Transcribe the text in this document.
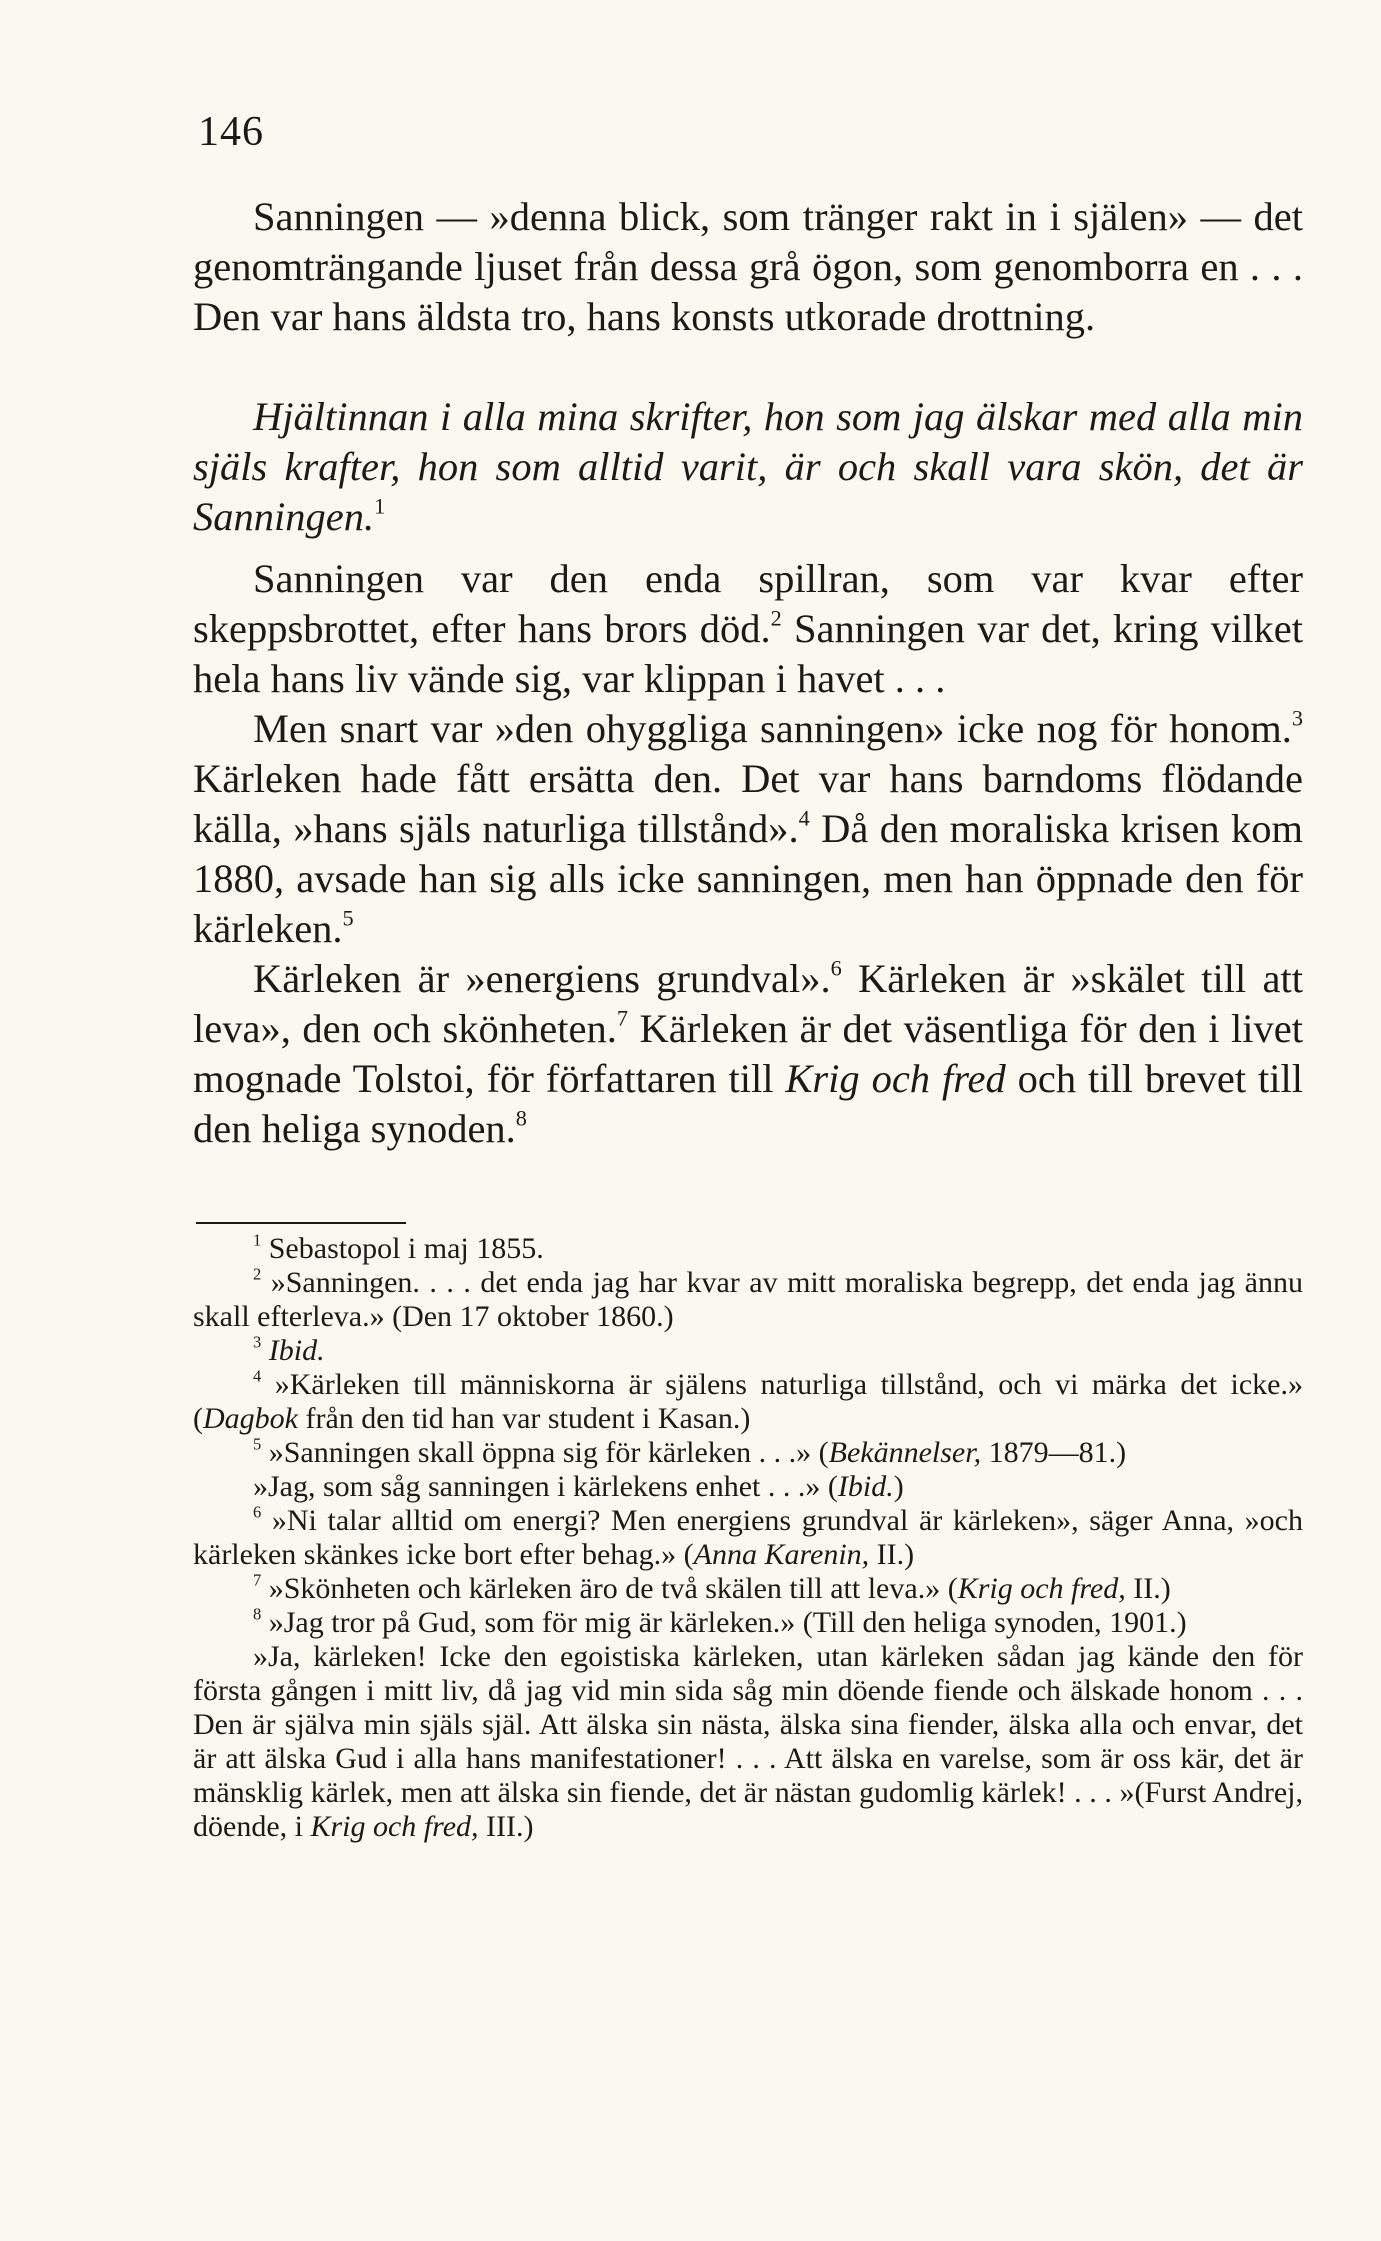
146

Sanningen — »denna blick, som tränger rakt in i själen» — det genomträngande ljuset från dessa grå ögon, som genomborra en . . . Den var hans äldsta tro, hans konsts utkorade drottning.

Hjältinnan i alla mina skrifter, hon som jag älskar med alla min själs krafter, hon som alltid varit, är och skall vara skön, det är Sanningen.$^1$

Sanningen var den enda spillran, som var kvar efter skeppsbrottet, efter hans brors död.$^2$ Sanningen var det, kring vilket hela hans liv vände sig, var klippan i havet . . .

Men snart var »den ohyggliga sanningen» icke nog för honom.$^3$ Kärleken hade fått ersätta den. Det var hans barndoms flödande källa, »hans själs naturliga tillstånd».$^4$ Då den moraliska krisen kom 1880, avsade han sig alls icke sanningen, men han öppnade den för kärleken.$^5$

Kärleken är »energiens grundval».$^6$ Kärleken är »skälet till att leva», den och skönheten.$^7$ Kärleken är det väsentliga för den i livet mognade Tolstoi, för författaren till Krig och fred och till brevet till den heliga synoden.$^8$

$^1$ Sebastopol i maj 1855.

$^2$ »Sanningen. . . . det enda jag har kvar av mitt moraliska begrepp, det enda jag ännu skall efterleva.» (Den 17 oktober 1860.)

$^3$ Ibid.

$^4$ »Kärleken till människorna är själens naturliga tillstånd, och vi märka det icke.» (Dagbok från den tid han var student i Kasan.)

$^5$ »Sanningen skall öppna sig för kärleken . . .» (Bekännelser, 1879—81.)

»Jag, som såg sanningen i kärlekens enhet . . .» (Ibid.)

$^6$ »Ni talar alltid om energi? Men energiens grundval är kärleken», säger Anna, »och kärleken skänkes icke bort efter behag.» (Anna Karenin, II.)

$^7$ »Skönheten och kärleken äro de två skälen till att leva.» (Krig och fred, II.)

$^8$ »Jag tror på Gud, som för mig är kärleken.» (Till den heliga synoden, 1901.)

»Ja, kärleken! Icke den egoistiska kärleken, utan kärleken sådan jag kände den för första gången i mitt liv, då jag vid min sida såg min döende fiende och älskade honom . . . Den är själva min själs själ. Att älska sin nästa, älska sina fiender, älska alla och envar, det är att älska Gud i alla hans manifestationer! . . . Att älska en varelse, som är oss kär, det är mänsklig kärlek, men att älska sin fiende, det är nästan gudomlig kärlek! . . . »(Furst Andrej, döende, i Krig och fred, III.)
